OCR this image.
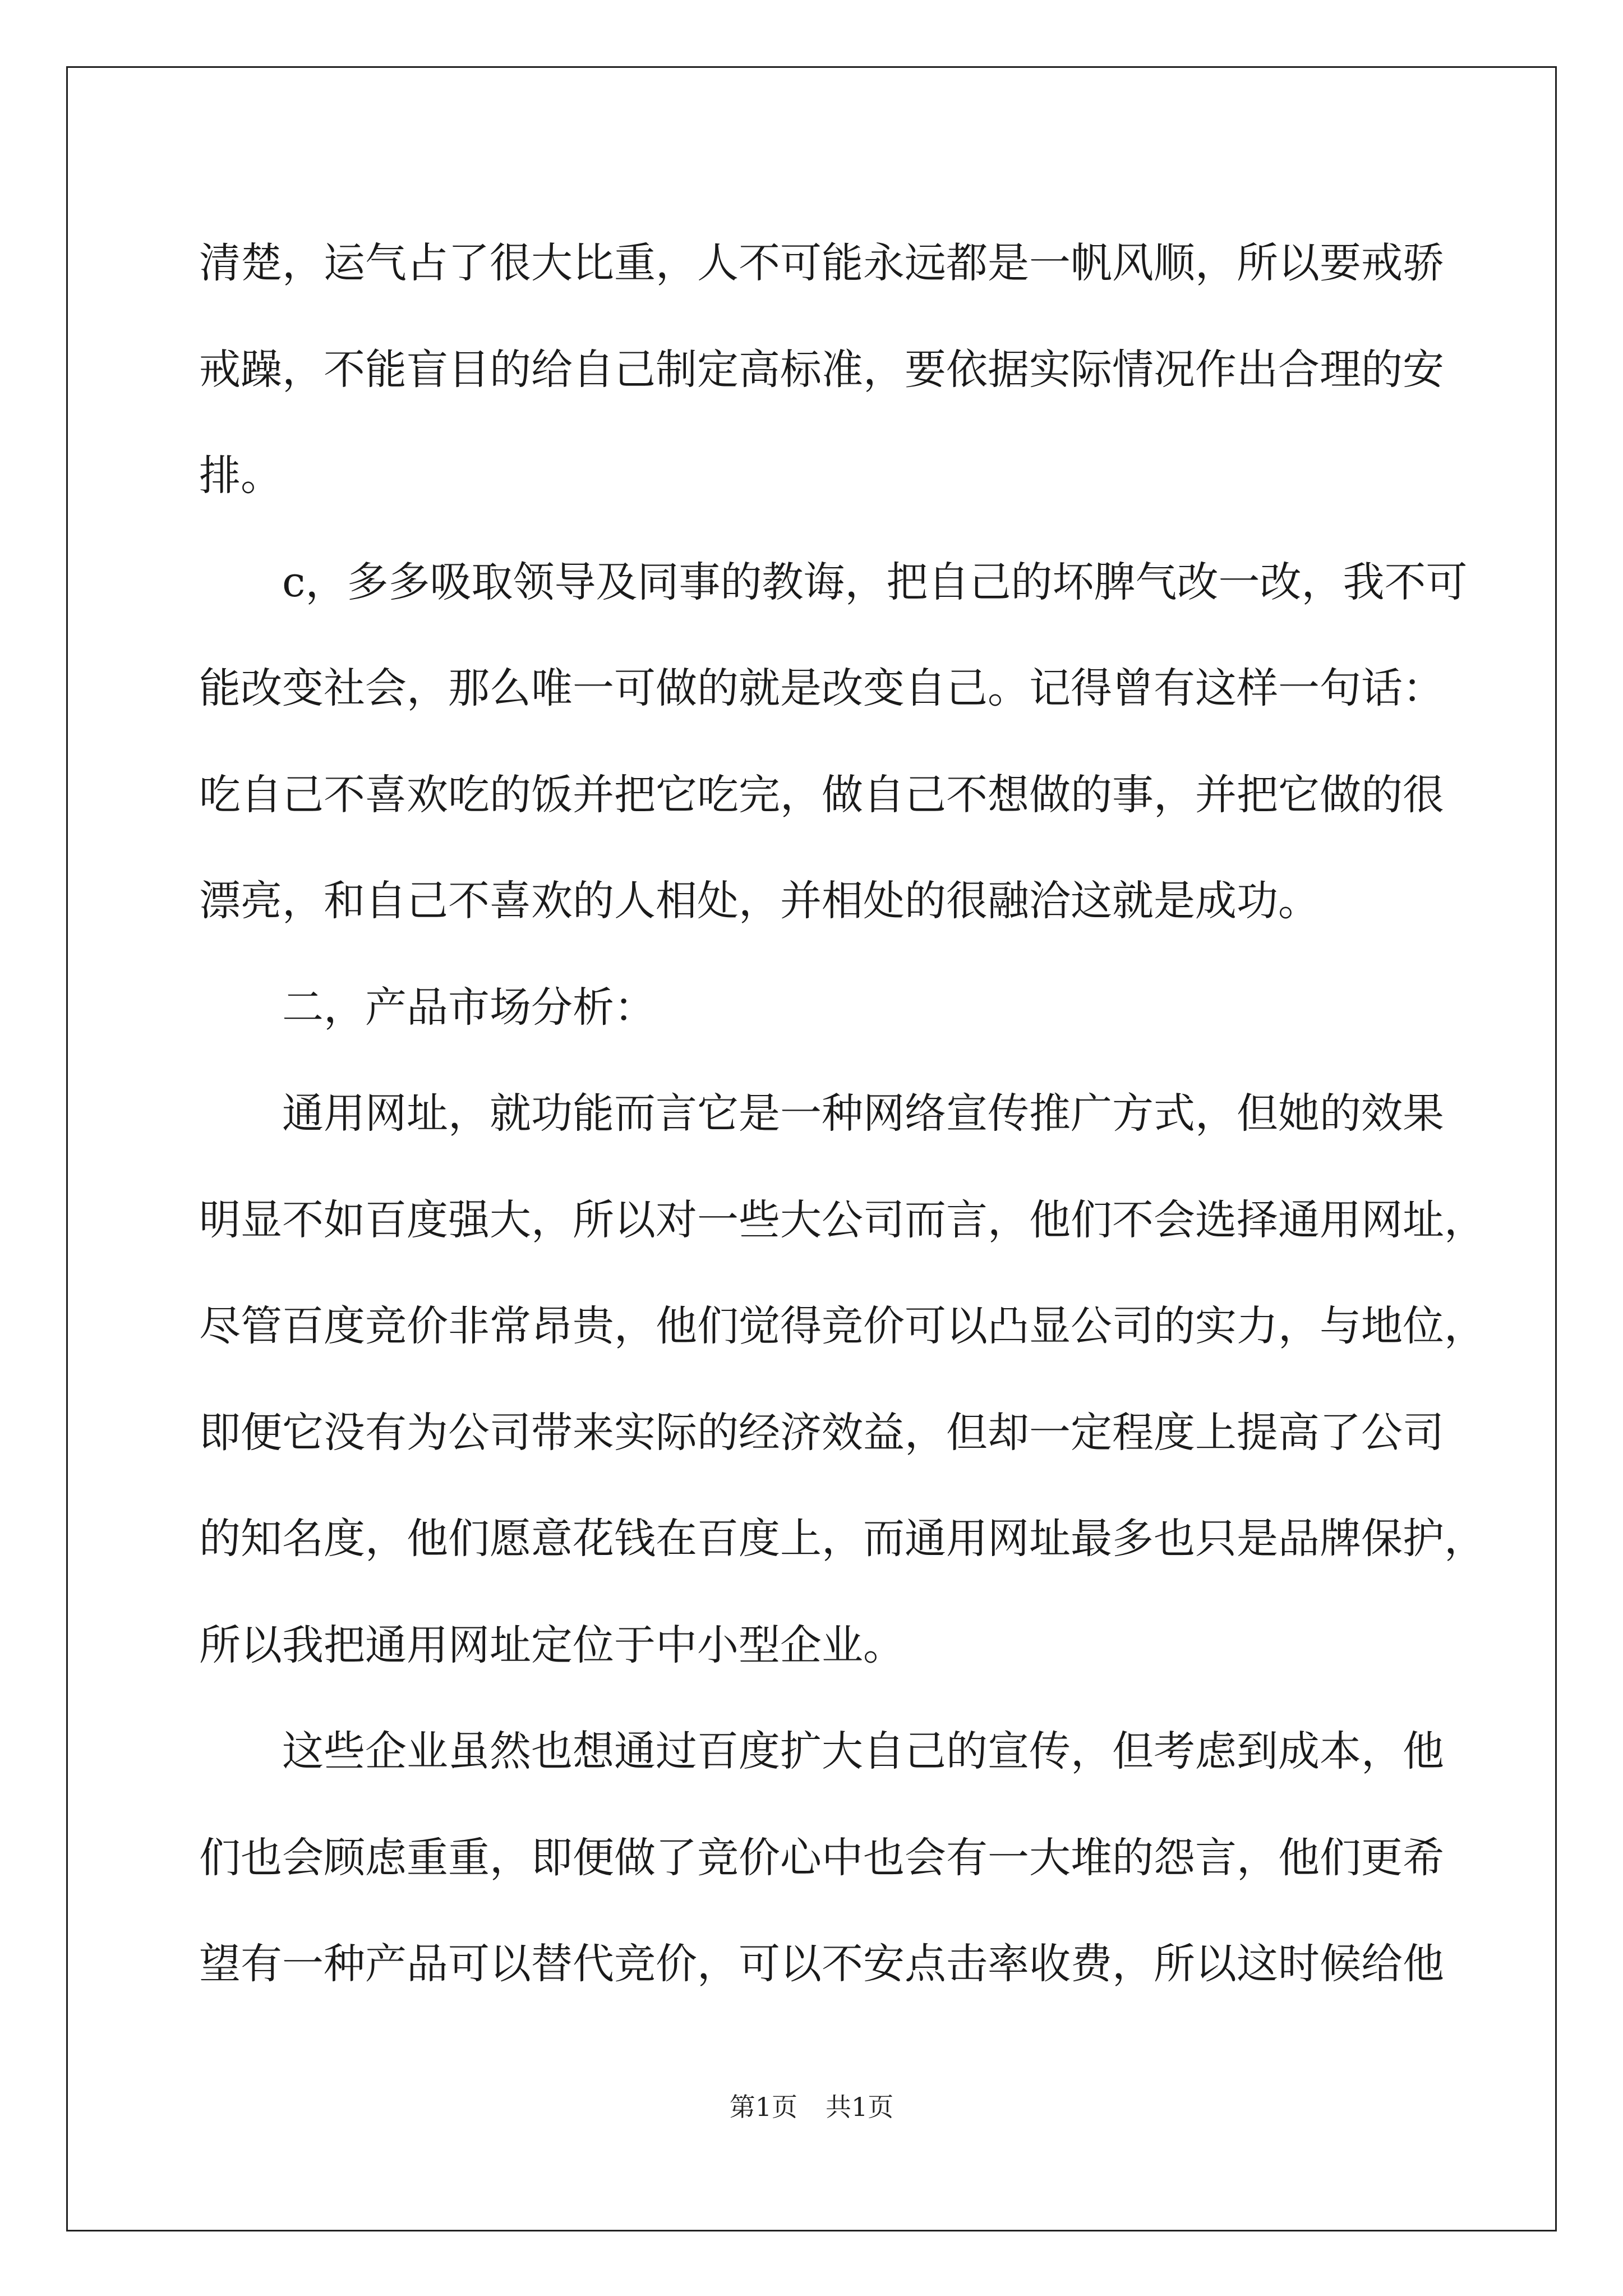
清楚，运气占了很大比重，人不可能永远都是一帆风顺，所以要戒骄
戒躁，不能盲目的给自己制定高标准，要依据实际情况作出合理的安
排。
c，多多吸取领导及同事的教诲，把自己的坏脾气改一改，我不可
能改变社会，那么唯一可做的就是改变自己。记得曾有这样一句话：
吃自己不喜欢吃的饭并把它吃完，做自己不想做的事，并把它做的很
漂亮，和自己不喜欢的人相处，并相处的很融洽这就是成功。
二，产品市场分析：
通用网址，就功能而言它是一种网络宣传推广方式，但她的效果
明显不如百度强大，所以对一些大公司而言，他们不会选择通用网址，
尽管百度竞价非常昂贵，他们觉得竞价可以凸显公司的实力，与地位，
即便它没有为公司带来实际的经济效益，但却一定程度上提高了公司
的知名度，他们愿意花钱在百度上，而通用网址最多也只是品牌保护，
所以我把通用网址定位于中小型企业。
这些企业虽然也想通过百度扩大自己的宣传，但考虑到成本，他
们也会顾虑重重，即便做了竞价心中也会有一大堆的怨言，他们更希
望有一种产品可以替代竞价，可以不安点击率收费，所以这时候给他
第1页 共1页
